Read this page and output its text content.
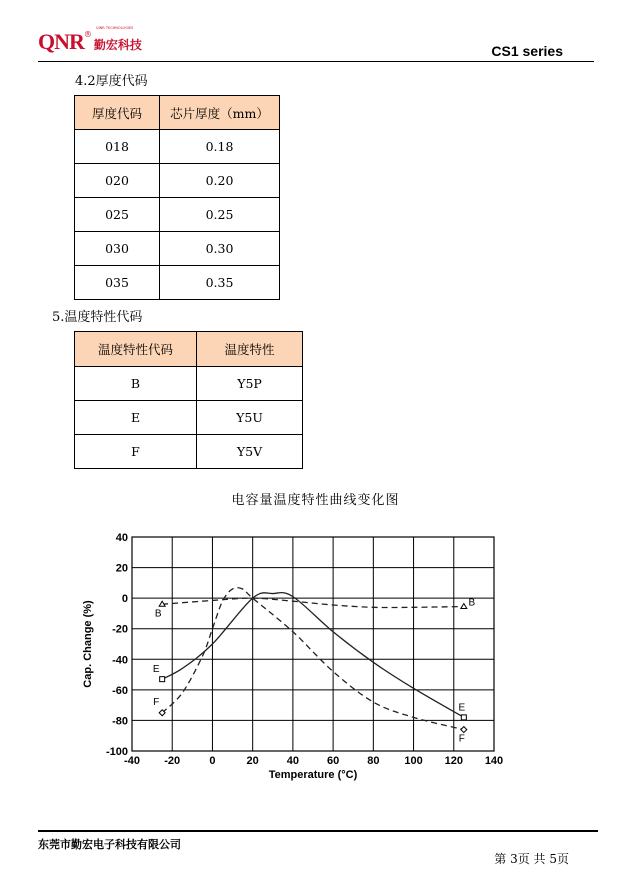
QNR ®
QINR TECHNOLOGIES
勤宏科技	CS1 series
4.2厚度代码
厚度代码	芯片厚度（mm）
018	0.18
020	0.20
025	0.25
030	0.30
035	0.35
5.温度特性代码
温度特性代码	温度特性
B	Y5P
E	Y5U
F	Y5V
电容量温度特性曲线变化图
-40 -20	0	20	40	60	80 100 120 140
40
20
0
-20
-40
-60
-80
-100
Temperature (°C)
Cap. Change (%)	B
B
E
E
F
F
东莞市勤宏电子科技有限公司
第 3页 共 5页
